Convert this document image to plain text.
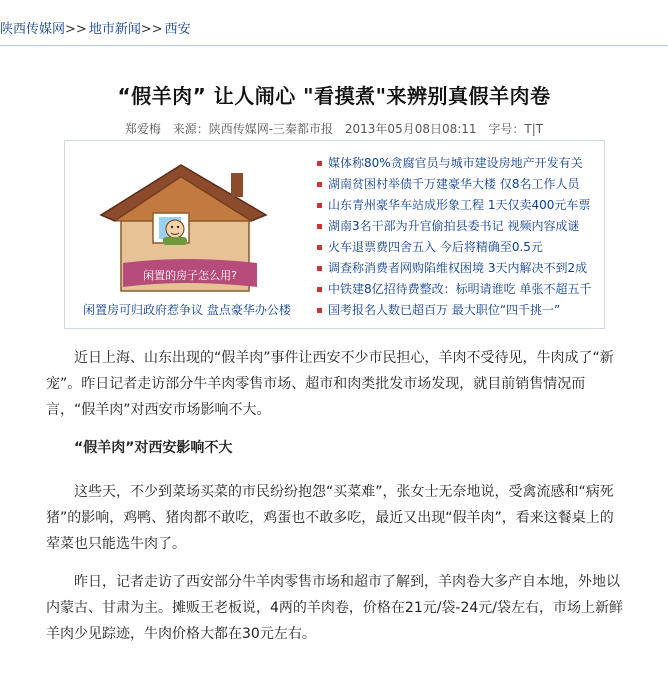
陕西传媒网>> 地市新闻>> 西安
“假羊肉” 让人闹心 "看摸煮"来辨别真假羊肉卷
郑爱梅 来源：陕西传媒网-三秦都市报 2013年05月08日08:11 字号：T|T
闲置的房子怎么用?
闲置房可归政府惹争议 盘点豪华办公楼
媒体称80%贪腐官员与城市建设房地产开发有关
湖南贫困村举债千万建豪华大楼 仅8名工作人员
山东青州豪华车站成形象工程 1天仅卖400元车票
湖南3名干部为升官偷拍县委书记 视频内容成谜
火车退票费四舍五入 今后将精确至0.5元
调查称消费者网购陷维权困境 3天内解决不到2成
中铁建8亿招待费整改：标明请谁吃 单张不超五千
国考报名人数已超百万 最大职位“四千挑一”

近日上海、山东出现的“假羊肉”事件让西安不少市民担心，羊肉不受待见，牛肉成了“新宠”。昨日记者走访部分牛羊肉零售市场、超市和肉类批发市场发现，就目前销售情况而言，“假羊肉”对西安市场影响不大。

“假羊肉”对西安影响不大

这些天，不少到菜场买菜的市民纷纷抱怨“买菜难”，张女士无奈地说，受禽流感和“病死猪”的影响，鸡鸭、猪肉都不敢吃，鸡蛋也不敢多吃，最近又出现“假羊肉”，看来这餐桌上的荤菜也只能选牛肉了。

昨日，记者走访了西安部分牛羊肉零售市场和超市了解到，羊肉卷大多产自本地，外地以内蒙古、甘肃为主。摊贩王老板说，4两的羊肉卷，价格在21元/袋-24元/袋左右，市场上新鲜羊肉少见踪迹，牛肉价格大都在30元左右。
